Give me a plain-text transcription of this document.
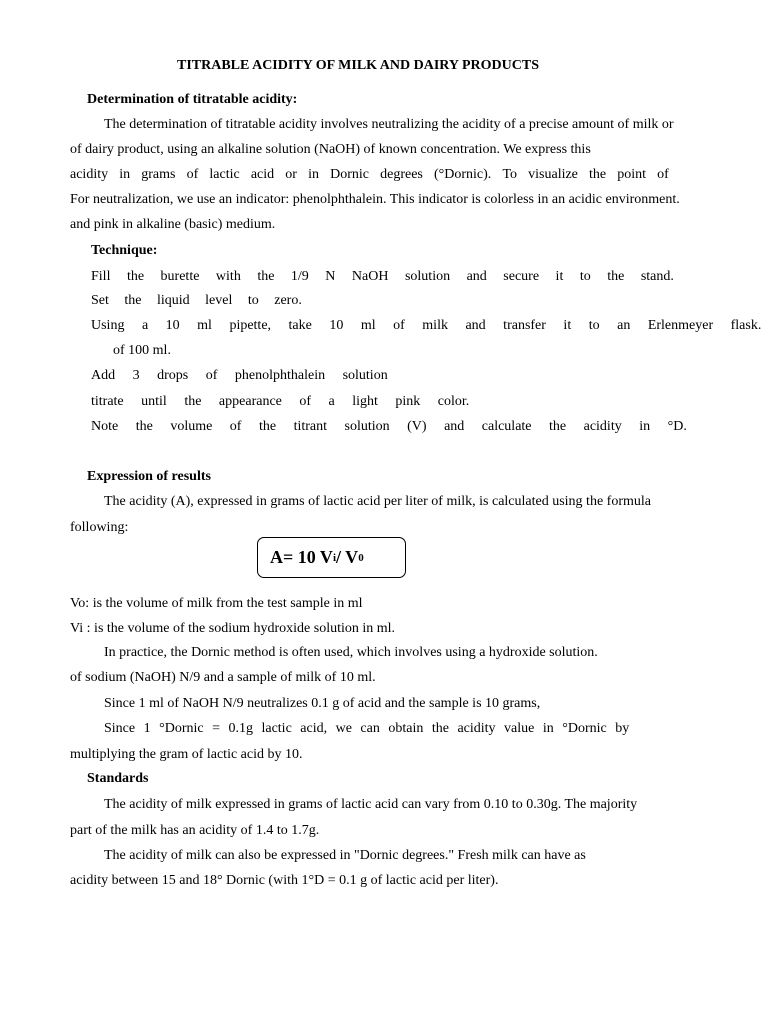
TITRABLE ACIDITY OF MILK AND DAIRY PRODUCTS
Determination of titratable acidity:
The determination of titratable acidity involves neutralizing the acidity of a precise amount of milk or
of dairy product, using an alkaline solution (NaOH) of known concentration. We express this
acidity in grams of lactic acid or in Dornic degrees (°Dornic). To visualize the point of
For neutralization, we use an indicator: phenolphthalein. This indicator is colorless in an acidic environment.
and pink in alkaline (basic) medium.
Technique:
Fill the burette with the 1/9 N NaOH solution and secure it to the stand.
Set the liquid level to zero.
Using a 10 ml pipette, take 10 ml of milk and transfer it to an Erlenmeyer flask.
of 100 ml.
Add 3 drops of phenolphthalein solution
titrate until the appearance of a light pink color.
Note the volume of the titrant solution (V) and calculate the acidity in °D.
Expression of results
The acidity (A), expressed in grams of lactic acid per liter of milk, is calculated using the formula
following:
A= 10 V i / V 0
Vo: is the volume of milk from the test sample in ml
Vi : is the volume of the sodium hydroxide solution in ml.
In practice, the Dornic method is often used, which involves using a hydroxide solution.
of sodium (NaOH) N/9 and a sample of milk of 10 ml.
Since 1 ml of NaOH N/9 neutralizes 0.1 g of acid and the sample is 10 grams,
Since 1 °Dornic = 0.1g lactic acid, we can obtain the acidity value in °Dornic by
multiplying the gram of lactic acid by 10.
Standards
The acidity of milk expressed in grams of lactic acid can vary from 0.10 to 0.30g. The majority
part of the milk has an acidity of 1.4 to 1.7g.
The acidity of milk can also be expressed in "Dornic degrees." Fresh milk can have as
acidity between 15 and 18° Dornic (with 1°D = 0.1 g of lactic acid per liter).
